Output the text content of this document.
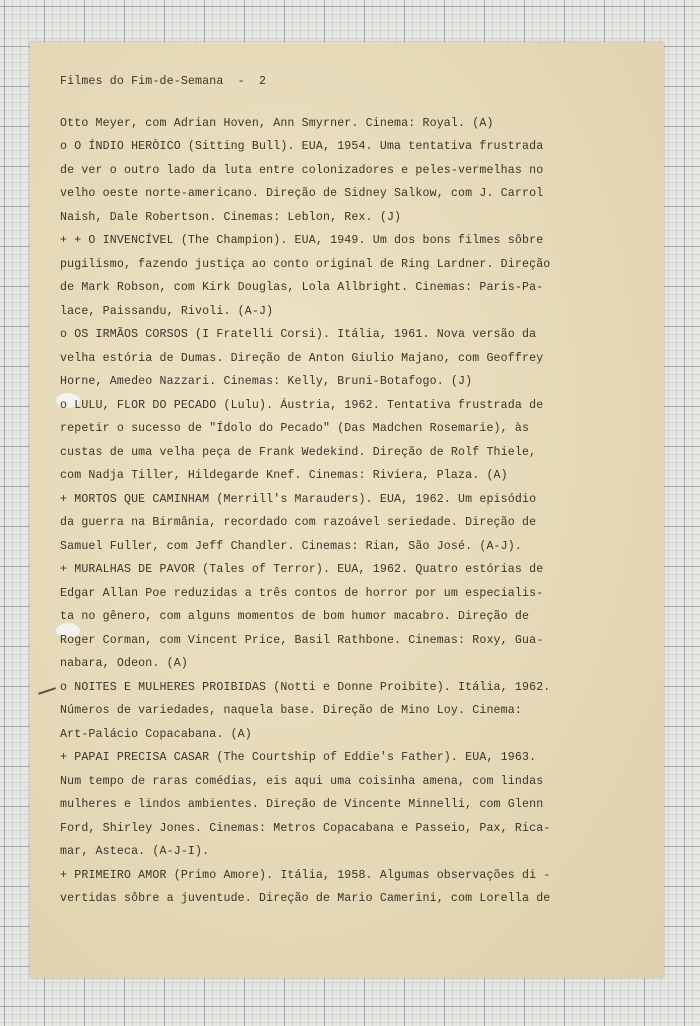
Filmes do Fim-de-Semana  -  2
Otto Meyer, com Adrian Hoven, Ann Smyrner. Cinema: Royal. (A)
o O ÍNDIO HERÒICO (Sitting Bull). EUA, 1954. Uma tentativa frustrada
de ver o outro lado da luta entre colonizadores e peles-vermelhas no
velho oeste norte-americano. Direção de Sidney Salkow, com J. Carrol
Naish, Dale Robertson. Cinemas: Leblon, Rex. (J)
+ + O INVENCÍVEL (The Champion). EUA, 1949. Um dos bons filmes sôbre
pugilismo, fazendo justiça ao conto original de Ring Lardner. Direção
de Mark Robson, com Kirk Douglas, Lola Allbright. Cinemas: Paris-Pa-
lace, Paissandu, Rivoli. (A-J)
o OS IRMÃOS CORSOS (I Fratelli Corsi). Itália, 1961. Nova versão da
velha estória de Dumas. Direção de Anton Giulio Majano, com Geoffrey
Horne, Amedeo Nazzari. Cinemas: Kelly, Bruni-Botafogo. (J)
o LULU, FLOR DO PECADO (Lulu). Áustria, 1962. Tentativa frustrada de
repetir o sucesso de "Ídolo do Pecado" (Das Madchen Rosemarie), às
custas de uma velha peça de Frank Wedekind. Direção de Rolf Thiele,
com Nadja Tiller, Hildegarde Knef. Cinemas: Riviera, Plaza. (A)
+ MORTOS QUE CAMINHAM (Merrill's Marauders). EUA, 1962. Um episódio
da guerra na Birmânia, recordado com razoável seriedade. Direção de
Samuel Fuller, com Jeff Chandler. Cinemas: Rian, São José. (A-J).
+ MURALHAS DE PAVOR (Tales of Terror). EUA, 1962. Quatro estórias de
Edgar Allan Poe reduzidas a três contos de horror por um especialis-
ta no gênero, com alguns momentos de bom humor macabro. Direção de
Roger Corman, com Vincent Price, Basil Rathbone. Cinemas: Roxy, Gua-
nabara, Odeon. (A)
o NOITES E MULHERES PROIBIDAS (Notti e Donne Proibite). Itália, 1962.
Números de variedades, naquela base. Direção de Mino Loy. Cinema:
Art-Palácio Copacabana. (A)
+ PAPAI PRECISA CASAR (The Courtship of Eddie's Father). EUA, 1963.
Num tempo de raras comédias, eis aqui uma coisinha amena, com lindas
mulheres e lindos ambientes. Direção de Vincente Minnelli, com Glenn
Ford, Shirley Jones. Cinemas: Metros Copacabana e Passeio, Pax, Rica-
mar, Asteca. (A-J-I).
+ PRIMEIRO AMOR (Primo Amore). Itália, 1958. Algumas observações di -
vertidas sôbre a juventude. Direção de Mario Camerini, com Lorella de
